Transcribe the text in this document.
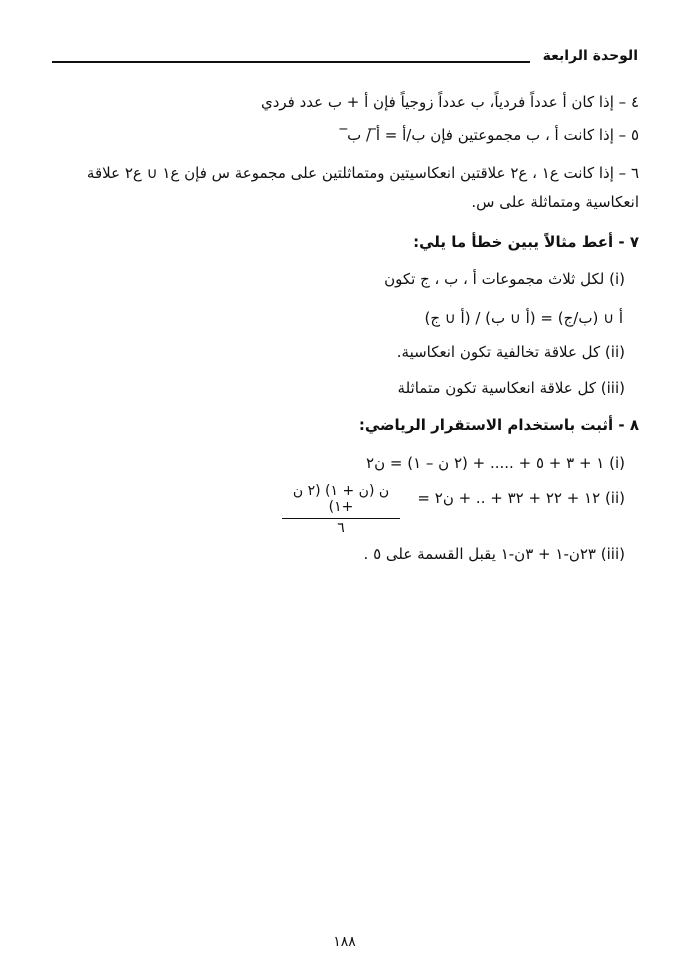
الوحدة الرابعة
٤ – إذا كان أ عدداً فردياً، ب عدداً زوجياً فإن أ + ب عدد فردي
٥ – إذا كانت أ ، ب مجموعتين فإن ب/أ = أ̅ / ب̅
٦ – إذا كانت ع١ ، ع٢ علاقتين انعكاسيتين ومتماثلتين على مجموعة س فإن ع١ ∪ ع٢ علاقة انعكاسية ومتماثلة على س.
٧ - أعط مثالاً يبين خطأ ما يلي:
(i) لكل ثلاث مجموعات أ ، ب ، ج تكون
أ ∪ (ب/ج) = (أ ∪ ب) / (أ ∪ ج)
(ii) كل علاقة تخالفية تكون انعكاسية.
(iii) كل علاقة انعكاسية تكون متماثلة
٨ - أثبت باستخدام الاستقرار الرياضي:
(i) ١ + ٣ + ٥ + ..... + (٢ ن – ١) = ن٢
(ii) ١٢ + ٢٢ + ٣٢ + .. + ن٢ =
ن (ن + ١) (٢ ن +١)
٦
(iii) ٢٣ن-١ + ٣ن-١ يقبل القسمة على ٥ .
١٨٨
